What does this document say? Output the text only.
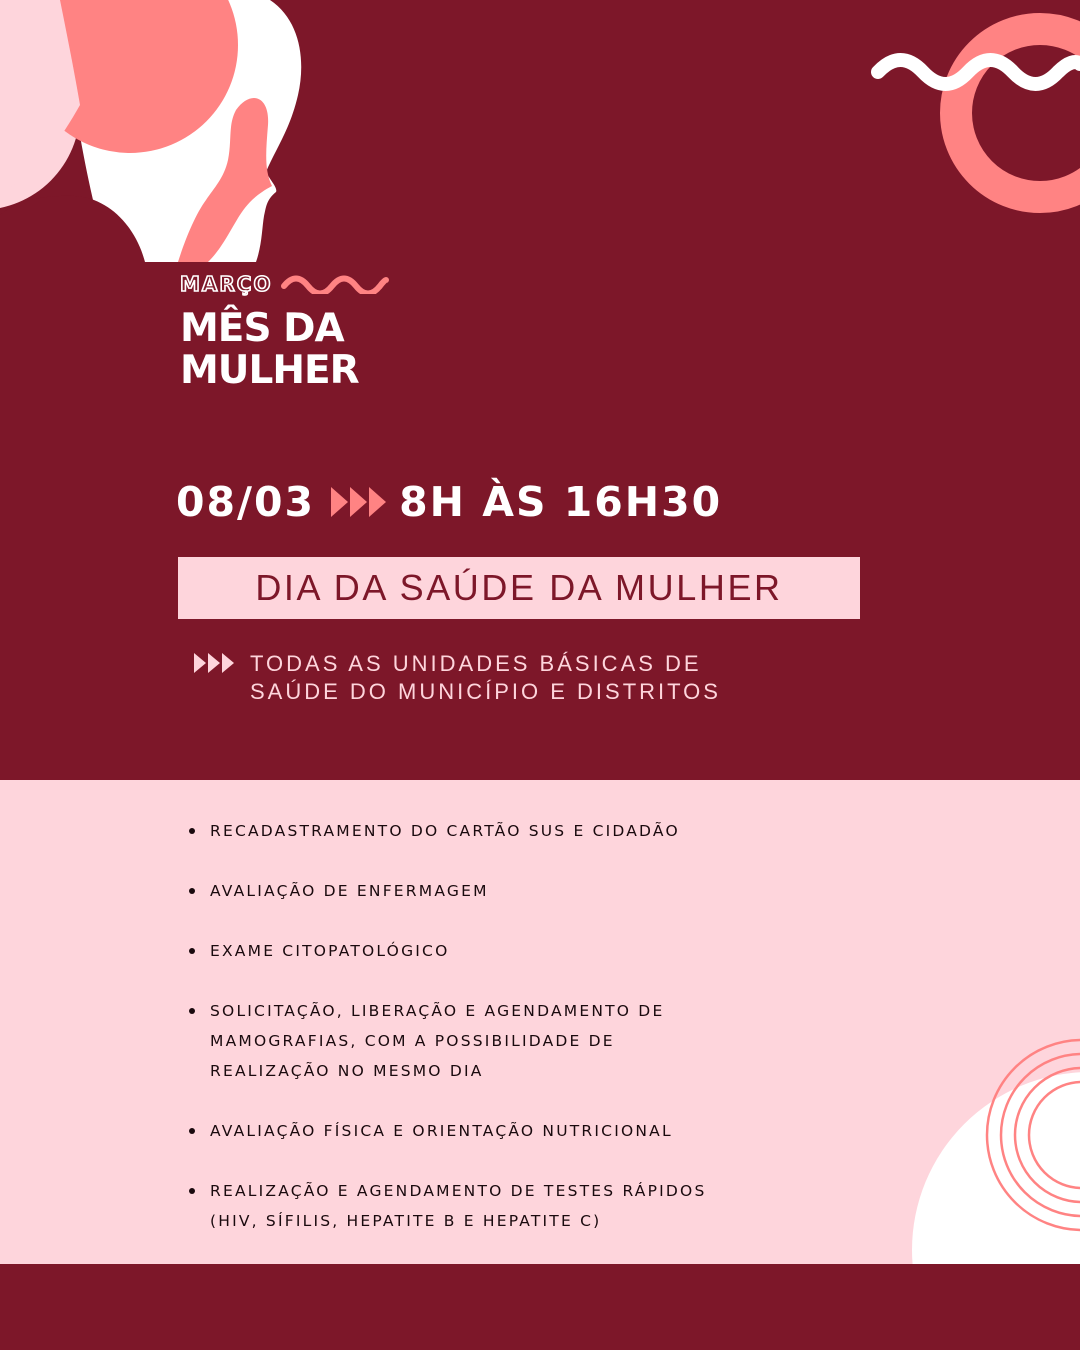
MARÇO
MÊS DA
MULHER
08/03 8H ÀS 16H30
DIA DA SAÚDE DA MULHER
TODAS AS UNIDADES BÁSICAS DE
SAÚDE DO MUNICÍPIO E DISTRITOS
RECADASTRAMENTO DO CARTÃO SUS E CIDADÃO
AVALIAÇÃO DE ENFERMAGEM
EXAME CITOPATOLÓGICO
SOLICITAÇÃO, LIBERAÇÃO E AGENDAMENTO DE
MAMOGRAFIAS, COM A POSSIBILIDADE DE
REALIZAÇÃO NO MESMO DIA
AVALIAÇÃO FÍSICA E ORIENTAÇÃO NUTRICIONAL
REALIZAÇÃO E AGENDAMENTO DE TESTES RÁPIDOS
(HIV, SÍFILIS, HEPATITE B E HEPATITE C)
